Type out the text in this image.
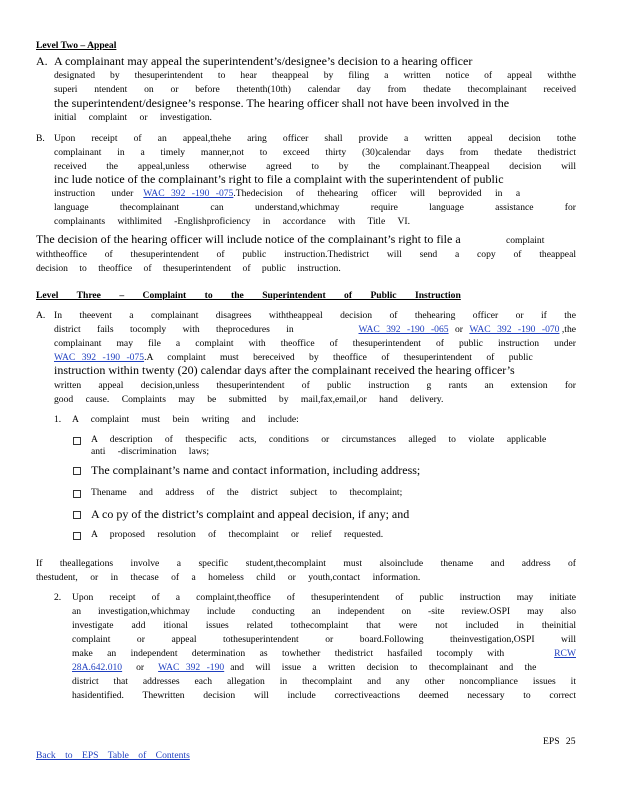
Level Two – Appeal
A. A complainant may appeal the superintendent’s/designee’s decision to a hearing officer
designated by thesuperintendent to hear theappeal by filing a written notice of appeal withthe
superi ntendent on or before thetenth(10th) calendar day from thedate thecomplainant received
the superintendent/designee’s response. The hearing officer shall not have been involved in the
initial complaint or investigation.
B. Upon receipt of an appeal,thehe aring officer shall provide a written appeal decision tothe
complainant in a timely manner,not to exceed thirty (30)calendar days from thedate thedistrict
received the appeal,unless otherwise agreed to by the complainant.Theappeal decision will
inc lude notice of the complainant’s right to file a complaint with the superintendent of public
instruction under WAC 392 -190 -075 .Thedecision of thehearing officer will beprovided in a
language thecomplainant can understand,whichmay require language assistance for
complainants withlimited -Englishproficiency in accordance with Title VI.
The decision of the hearing officer will include notice of the complainant’s right to file a	complaint
withtheoffice of thesuperintendent of public instruction.Thedistrict will send a copy of theappeal
decision to theoffice of thesuperintendent of public instruction.
Level Three – Complaint to the Superintendent of Public Instruction
A. In theevent a complainant disagrees withtheappeal decision of thehearing officer or if the
district fails tocomply with theprocedures in	WAC 392 -190 -065 or WAC 392 -190 -070 ,the
complainant may file a complaint with theoffice of thesuperintendent of public instruction under
WAC 392 -190 -075 .A complaint must bereceived by theoffice of thesuperintendent of public
instruction within twenty (20) calendar days after the complainant received the hearing officer’s
written appeal decision,unless thesuperintendent of public instruction g rants an extension for
good cause. Complaints may be submitted by mail,fax,email,or hand delivery.
1. A complaint must bein writing and include:
A description of thespecific acts, conditions or circumstances alleged to violate applicable
anti -discrimination laws;
The complainant’s name and contact information, including address;
Thename and address of the district subject to thecomplaint;
A co py of the district’s complaint and appeal decision, if any; and
A proposed resolution of thecomplaint or relief requested.
If theallegations involve a specific student,thecomplaint must alsoinclude thename and address of
thestudent, or in thecase of a homeless child or youth,contact information.
2. Upon receipt of a complaint,theoffice of thesuperintendent of public instruction may initiate
an investigation,whichmay include conducting an independent on -site review.OSPI may also
investigate add itional issues related tothecomplaint that were not included in theinitial
complaint or appeal tothesuperintendent or board.Following theinvestigation,OSPI will
make an independent determination as towhether thedistrict hasfailed tocomply with	RCW
28A.642.010 or WAC 392 -190 and will issue a written decision to thecomplainant and the
district that addresses each allegation in thecomplaint and any other noncompliance issues it
hasidentified. Thewritten decision will include correctiveactions deemed necessary to correct
EPS 25
Back to EPS Table of Contents
